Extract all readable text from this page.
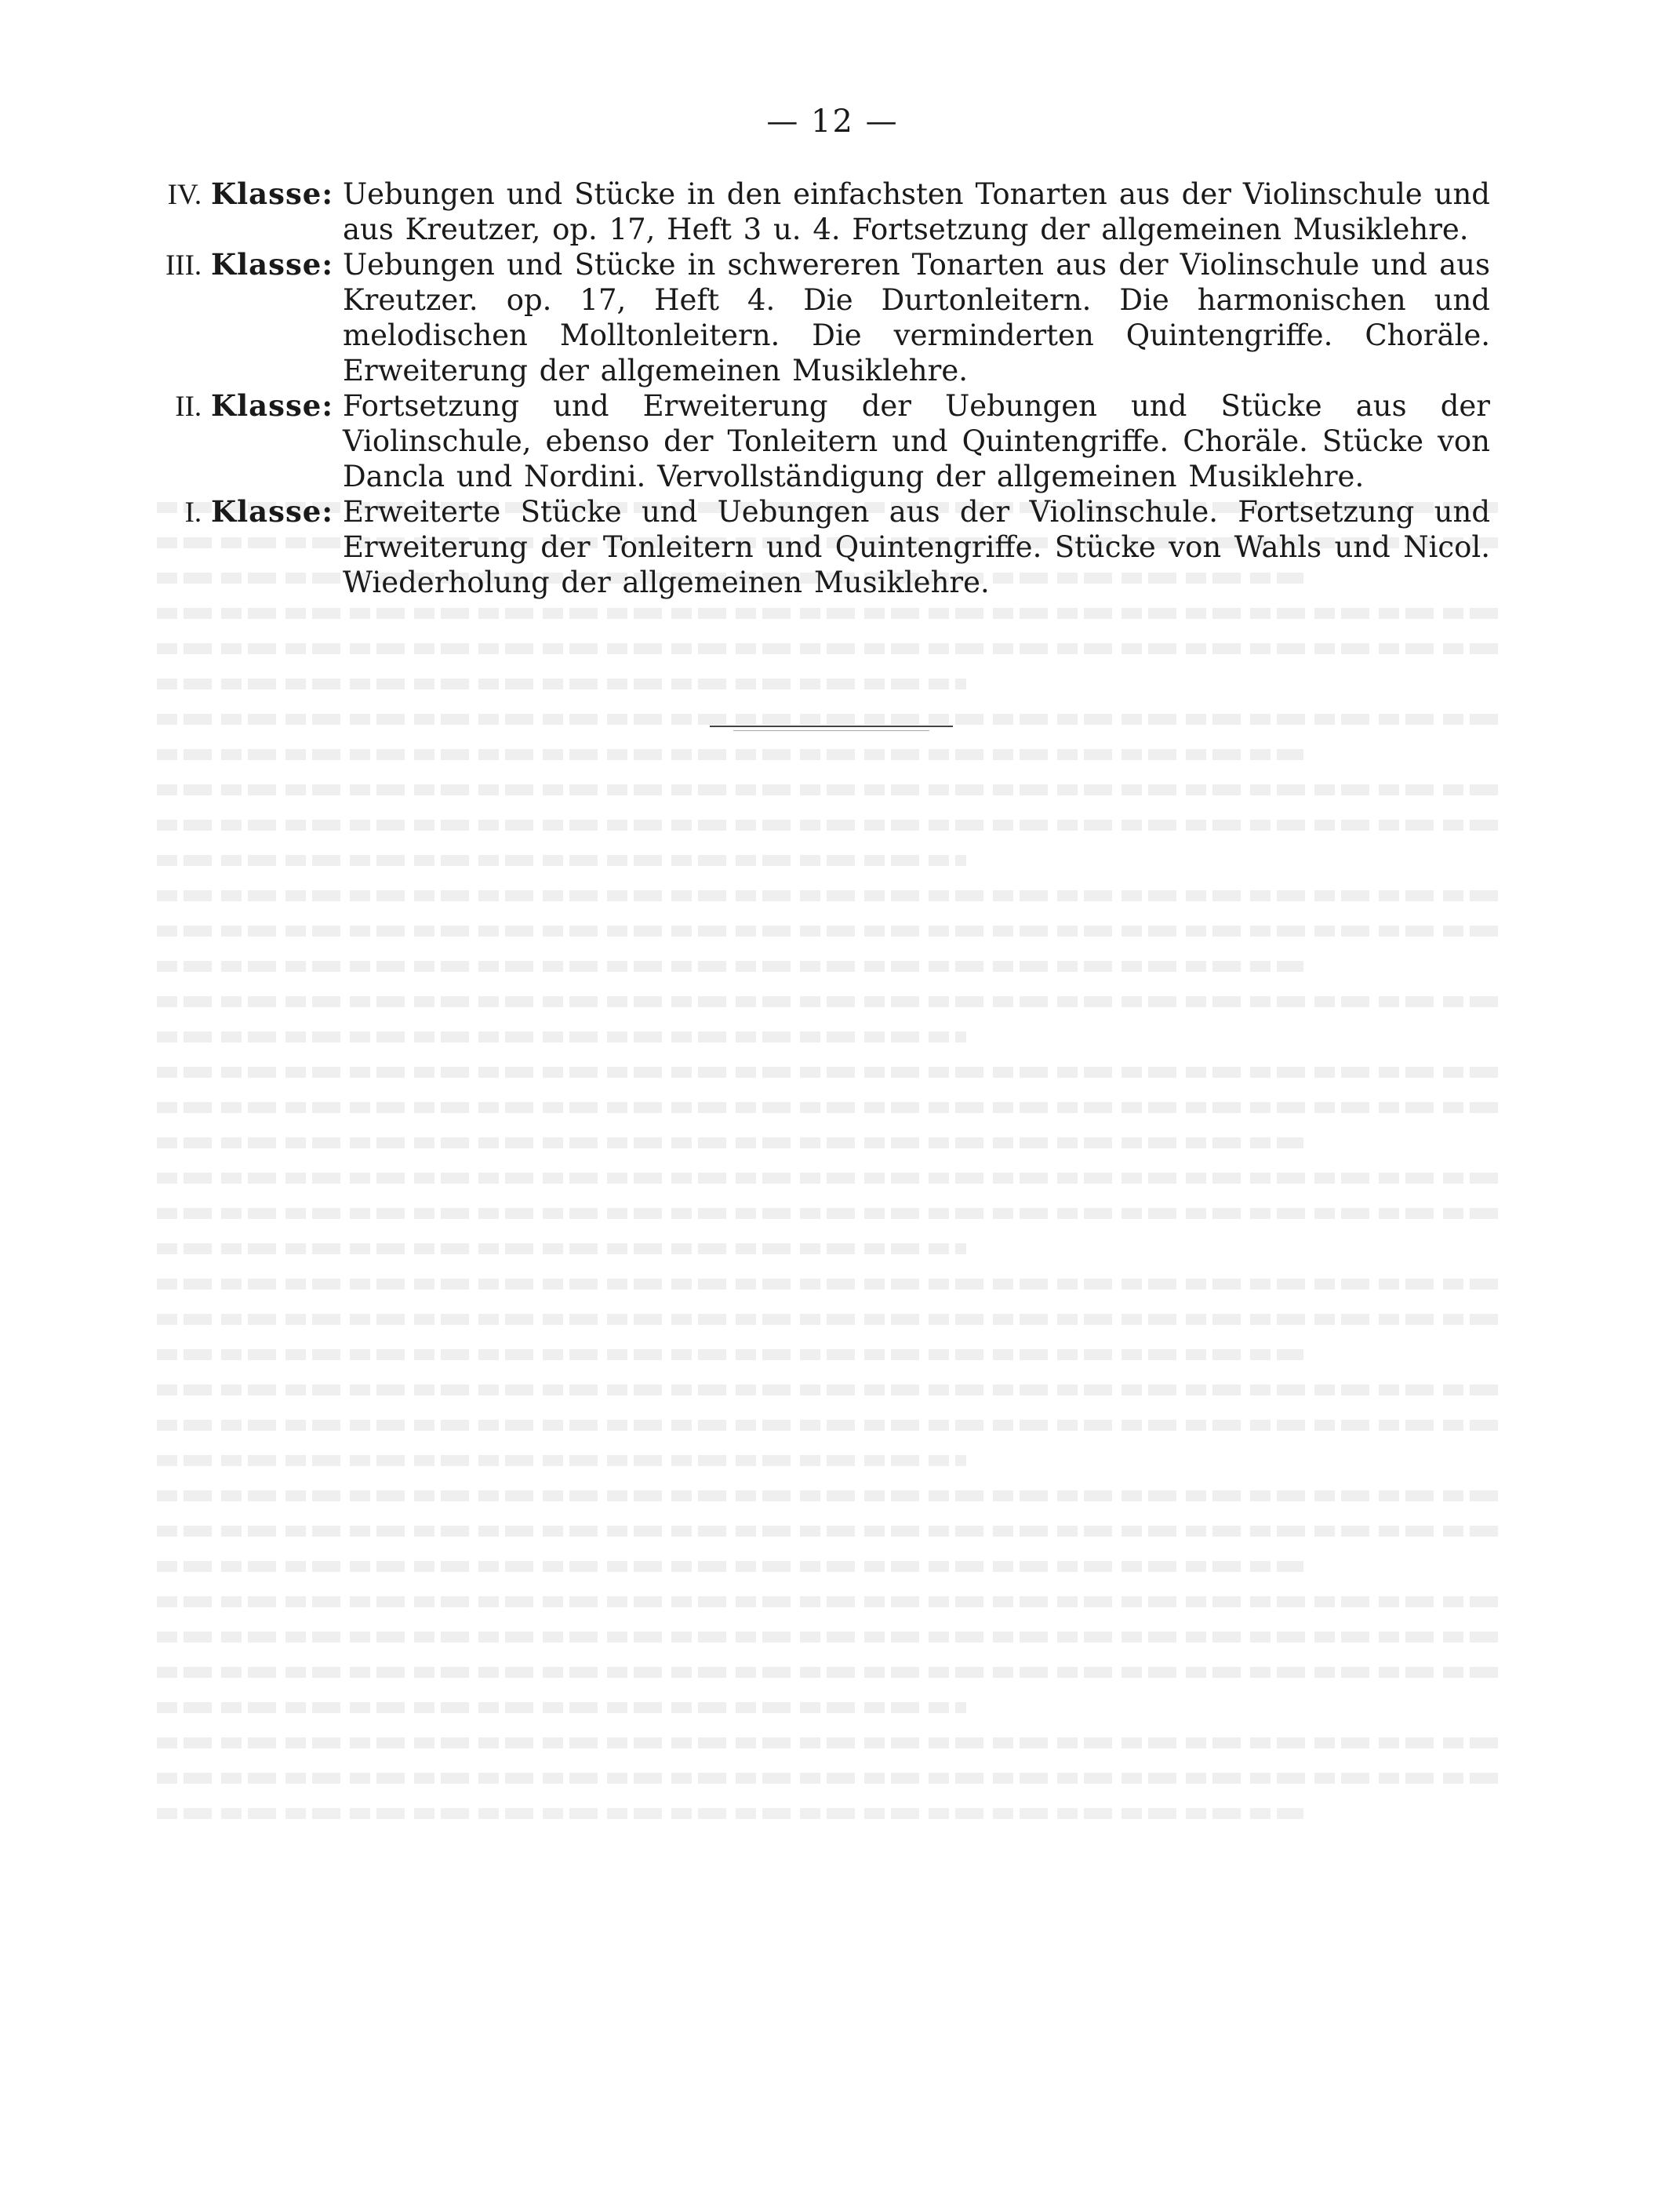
— 12 —
IV. Klasse: Uebungen und Stücke in den einfachsten Tonarten aus der Violinschule und aus Kreutzer, op. 17, Heft 3 u. 4. Fortsetzung der allgemeinen Musiklehre.
III. Klasse: Uebungen und Stücke in schwereren Tonarten aus der Violinschule und aus Kreutzer. op. 17, Heft 4. Die Durtonleitern. Die harmonischen und melodischen Molltonleitern. Die verminderten Quintengriffe. Choräle. Erweiterung der allgemeinen Musiklehre.
II. Klasse: Fortsetzung und Erweiterung der Uebungen und Stücke aus der Violinschule, ebenso der Tonleitern und Quintengriffe. Choräle. Stücke von Dancla und Nordini. Vervollständigung der allgemeinen Musiklehre.
I. Klasse: Erweiterte Stücke und Uebungen aus der Violinschule. Fortsetzung und Erweiterung der Tonleitern und Quintengriffe. Stücke von Wahls und Nicol. Wiederholung der allgemeinen Musiklehre.
